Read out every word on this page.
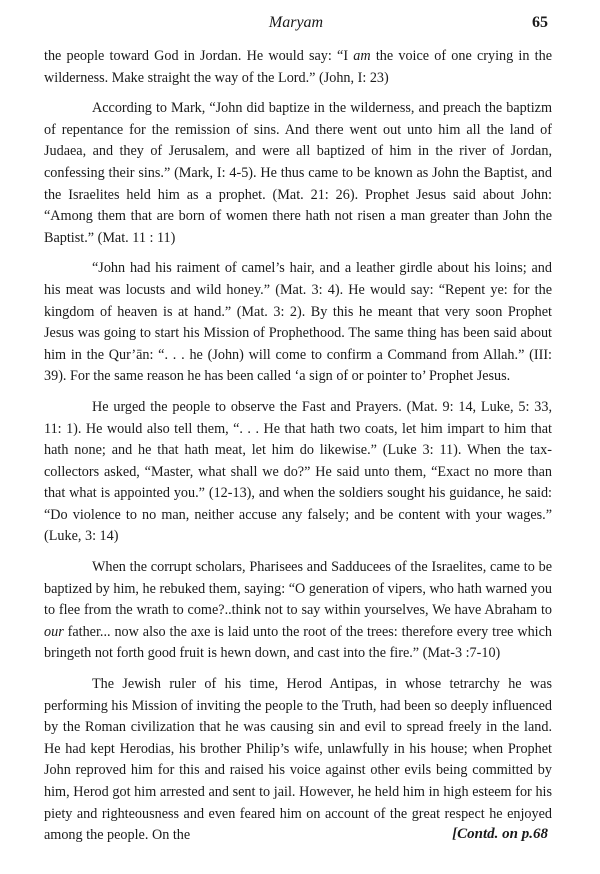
Maryam	65

the people toward God in Jordan. He would say: “I am the voice of one crying in the wilderness. Make straight the way of the Lord.” (John, I: 23)

According to Mark, “John did baptize in the wilderness, and preach the baptizm of repentance for the remission of sins. And there went out unto him all the land of Judaea, and they of Jerusalem, and were all baptized of him in the river of Jordan, confessing their sins.” (Mark, I: 4-5). He thus came to be known as John the Baptist, and the Israelites held him as a prophet. (Mat. 21: 26). Prophet Jesus said about John: “Among them that are born of women there hath not risen a man greater than John the Baptist.” (Mat. 11 : 11)

“John had his raiment of camel’s hair, and a leather girdle about his loins; and his meat was locusts and wild honey.” (Mat. 3: 4). He would say: “Repent ye: for the kingdom of heaven is at hand.” (Mat. 3: 2). By this he meant that very soon Prophet Jesus was going to start his Mission of Prophethood. The same thing has been said about him in the Qur’ān: “. . . he (John) will come to confirm a Command from Allah.” (III: 39). For the same reason he has been called ‘a sign of or pointer to’ Prophet Jesus.

He urged the people to observe the Fast and Prayers. (Mat. 9: 14, Luke, 5: 33, 11: 1). He would also tell them, “. . . He that hath two coats, let him impart to him that hath none; and he that hath meat, let him do likewise.” (Luke 3: 11). When the tax-collectors asked, “Master, what shall we do?” He said unto them, “Exact no more than that what is appointed you.” (12-13), and when the soldiers sought his guidance, he said: “Do violence to no man, neither accuse any falsely; and be content with your wages.” (Luke, 3: 14)

When the corrupt scholars, Pharisees and Sadducees of the Israelites, came to be baptized by him, he rebuked them, saying: “O generation of vipers, who hath warned you to flee from the wrath to come?..think not to say within yourselves, We have Abraham to our father... now also the axe is laid unto the root of the trees: therefore every tree which bringeth not forth good fruit is hewn down, and cast into the fire.” (Mat-3 :7-10)

The Jewish ruler of his time, Herod Antipas, in whose tetrarchy he was performing his Mission of inviting the people to the Truth, had been so deeply influenced by the Roman civilization that he was causing sin and evil to spread freely in the land. He had kept Herodias, his brother Philip’s wife, unlawfully in his house; when Prophet John reproved him for this and raised his voice against other evils being committed by him, Herod got him arrested and sent to jail. However, he held him in high esteem for his piety and righteousness and even feared him on account of the great respect he enjoyed among the people. On the	[Contd. on p.68
